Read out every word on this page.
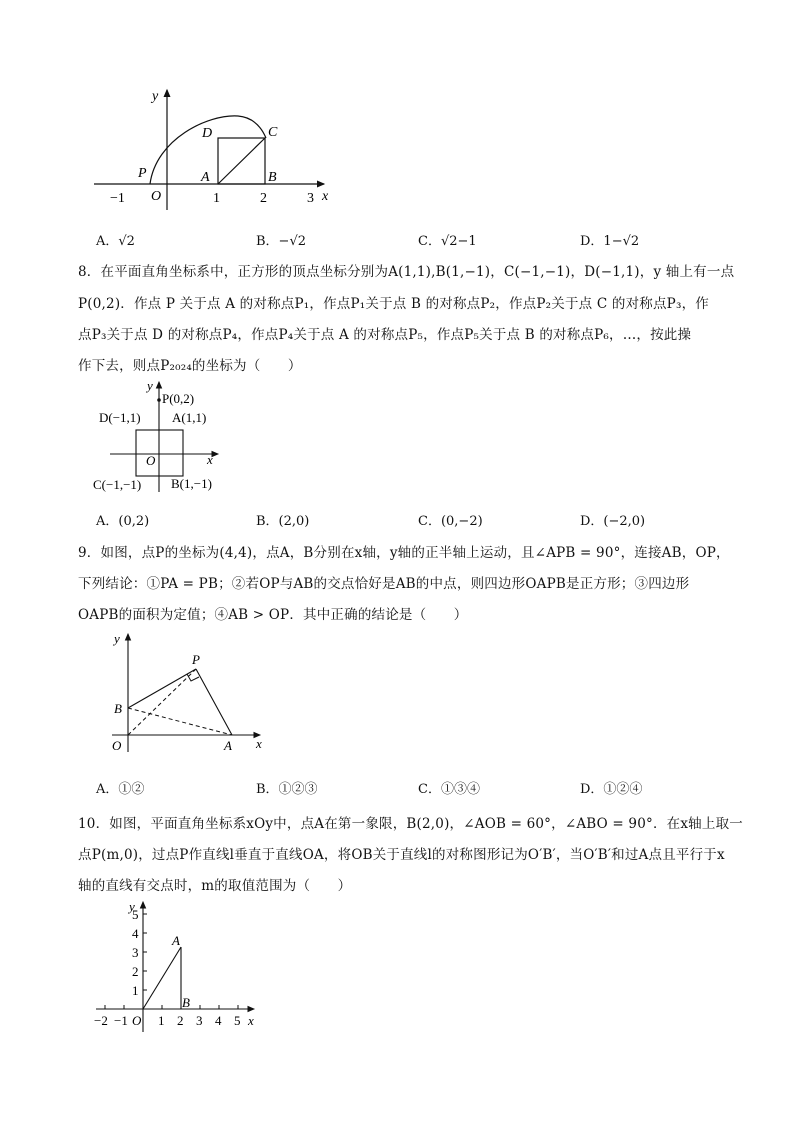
y
x
O
−1	1	2	3
D	C
P	A	B
A．√2	B．−√2	C．√2−1	D．1−√2
8．在平面直角坐标系中，正方形的顶点坐标分别为A(1,1),B(1,−1)，C(−1,−1)，D(−1,1)，y 轴上有一点
P(0,2)．作点 P 关于点 A 的对称点P₁，作点P₁关于点 B 的对称点P₂，作点P₂关于点 C 的对称点P₃，作
点P₃关于点 D 的对称点P₄，作点P₄关于点 A 的对称点P₅，作点P₅关于点 B 的对称点P₆，…，按此操
作下去，则点P₂₀₂₄的坐标为（　　）
y
x
O
P(0,2)
A(1,1)
D(−1,1)
C(−1,−1) B(1,−1)
A．(0,2)	B．(2,0)	C．(0,−2)	D．(−2,0)
9．如图，点P的坐标为(4,4)，点A，B分别在x轴，y轴的正半轴上运动，且∠APB = 90°，连接AB，OP，
下列结论：①PA = PB；②若OP与AB的交点恰好是AB的中点，则四边形OAPB是正方形；③四边形
OAPB的面积为定值；④AB > OP．其中正确的结论是（　　）
y
x
O
P
B
A
A．①②	B．①②③	C．①③④	D．①②④
10．如图，平面直角坐标系xOy中，点A在第一象限，B(2,0)，∠AOB = 60°，∠ABO = 90°．在x轴上取一
点P(m,0)，过点P作直线l垂直于直线OA，将OB关于直线l的对称图形记为O′B′，当O′B′和过A点且平行于x
轴的直线有交点时，m的取值范围为（　　）
y
x
O
A
B
−2 −1 1 2 3 4 5
1
2
3
4
5
